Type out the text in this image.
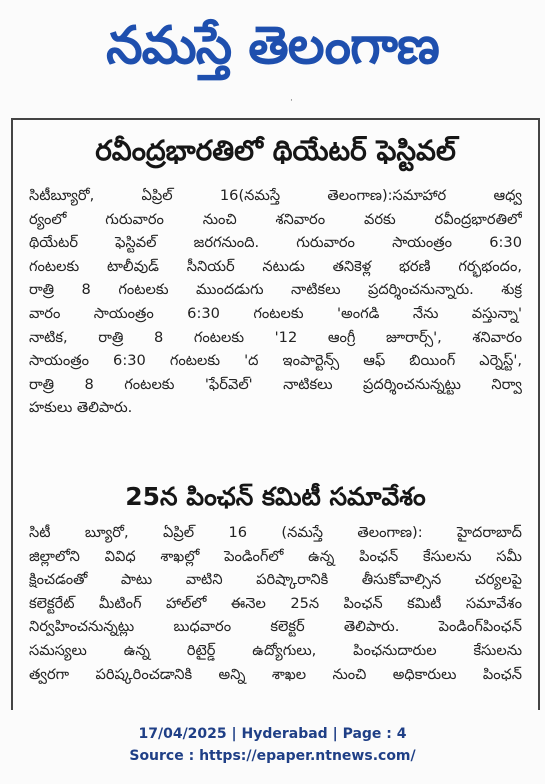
నమస్తే తెలంగాణ
·
రవీంద్రభారతిలో థియేటర్ ఫెస్టివల్
సిటీబ్యూరో, ఏప్రిల్ 16(నమస్తే తెలంగాణ):సమాహార ఆధ్వ
ర్యంలో గురువారం నుంచి శనివారం వరకు రవీంద్రభారతిలో
థియేటర్ ఫెస్టివల్ జరగనుంది. గురువారం సాయంత్రం 6:30
గంటలకు టాలీవుడ్ సీనియర్ నటుడు తనికెళ్ల భరణి గర్భభందం,
రాత్రి 8 గంటలకు ముందడుగు నాటికలు ప్రదర్శించనున్నారు. శుక్ర
వారం సాయంత్రం 6:30 గంటలకు 'అంగడి నేను వస్తున్నా'
నాటిక, రాత్రి 8 గంటలకు '12 ఆంగ్రీ జూరార్స్', శనివారం
సాయంత్రం 6:30 గంటలకు 'ద ఇంపార్టెన్స్ ఆఫ్ బియింగ్ ఎర్నెస్ట్',
రాత్రి 8 గంటలకు 'ఫేర్‌వెల్' నాటికలు ప్రదర్శించనున్నట్టు నిర్వా
హకులు తెలిపారు.
25న పింఛన్ కమిటీ సమావేశం
సిటీ బ్యూరో, ఏప్రిల్ 16 (నమస్తే తెలంగాణ): హైదరాబాద్
జిల్లాలోని వివిధ శాఖల్లో పెండింగ్‌లో ఉన్న పింఛన్ కేసులను సమీ
క్షించడంతో పాటు వాటిని పరిష్కారానికి తీసుకోవాల్సిన చర్యలపై
కలెక్టరేట్ మీటింగ్ హాల్‌లో ఈనెల 25న పింఛన్ కమిటీ సమావేశం
నిర్వహించనున్నట్లు బుధవారం కలెక్టర్ తెలిపారు. పెండింగ్‌పింఛన్
సమస్యలు ఉన్న రిటైర్డ్ ఉద్యోగులు, పింఛనుదారుల కేసులను
త్వరగా పరిష్కరించడానికి అన్ని శాఖల నుంచి అధికారులు పింఛన్
17/04/2025 | Hyderabad | Page : 4
Source : https://epaper.ntnews.com/
